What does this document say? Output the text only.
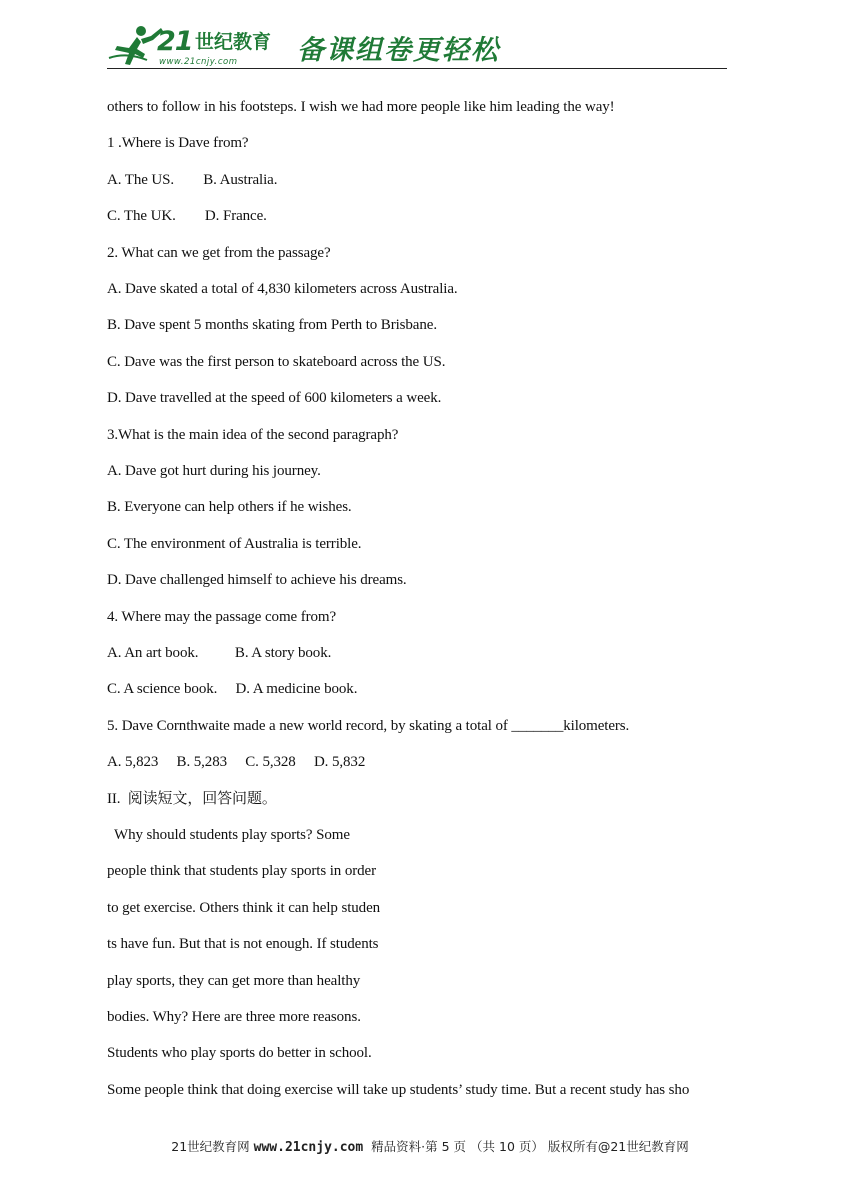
21 世纪教育
www.21cnjy.com 备课组卷更轻松
others to follow in his footsteps. I wish we had more people like him leading the way!
1 .Where is Dave from?
A. The US.        B. Australia.
C. The UK.        D. France.
2. What can we get from the passage?
A. Dave skated a total of 4,830 kilometers across Australia.
B. Dave spent 5 months skating from Perth to Brisbane.
C. Dave was the first person to skateboard across the US.
D. Dave travelled at the speed of 600 kilometers a week.
3.What is the main idea of the second paragraph?
A. Dave got hurt during his journey.
B. Everyone can help others if he wishes.
C. The environment of Australia is terrible.
D. Dave challenged himself to achieve his dreams.
4. Where may the passage come from?
A. An art book.          B. A story book.
C. A science book.     D. A medicine book.
5. Dave Cornthwaite made a new world record, by skating a total of _______kilometers.
A. 5,823     B. 5,283     C. 5,328     D. 5,832
II.  阅读短文，回答问题。
Why should students play sports? Some
people think that students play sports in order
to get exercise. Others think it can help studen
ts have fun. But that is not enough. If students
play sports, they can get more than healthy
bodies. Why? Here are three more reasons.
Students who play sports do better in school.
Some people think that doing exercise will take up students’ study time. But a recent study has sho
21世纪教育网 www.21cnjy.com  精品资料·第 5 页 （共 10 页） 版权所有@21世纪教育网
